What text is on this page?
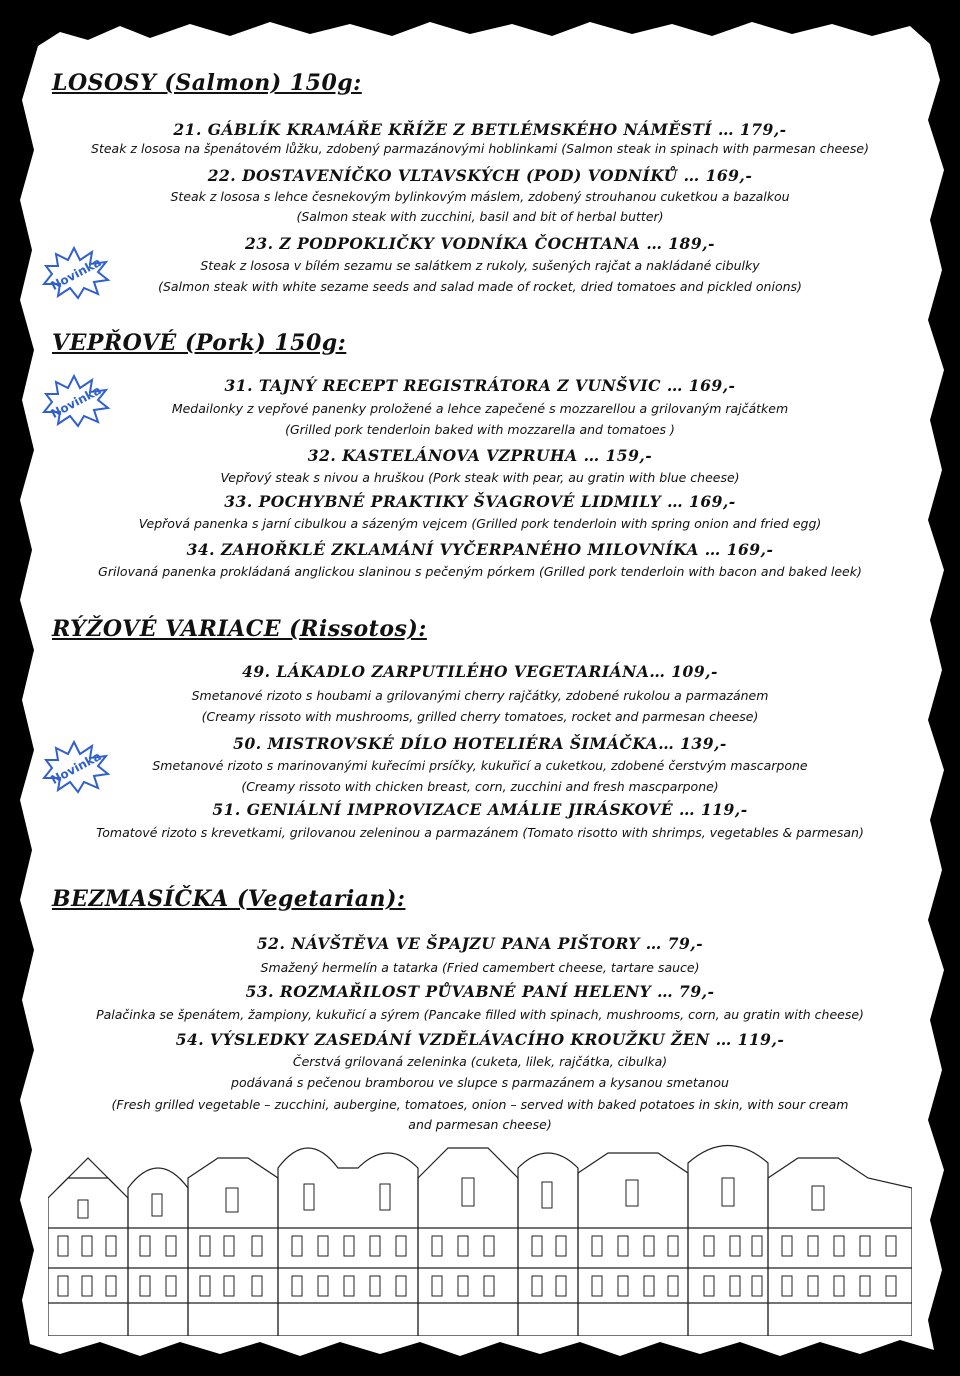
LOSOSY (Salmon) 150g:
21. GÁBLÍK KRAMÁŘE KŘÍŽE Z BETLÉMSKÉHO NÁMĚSTÍ … 179,-
Steak z lososa na špenátovém lůžku, zdobený parmazánovými hoblinkami (Salmon steak in spinach with parmesan cheese)
22. DOSTAVENÍČKO VLTAVSKÝCH (POD) VODNÍKŮ … 169,-
Steak z lososa s lehce česnekovým bylinkovým máslem, zdobený strouhanou cuketkou a bazalkou
(Salmon steak with zucchini, basil and bit of herbal butter)
23. Z PODPOKLIČKY VODNÍKA ČOCHTANA … 189,-
Steak z lososa v bílém sezamu se salátkem z rukoly, sušených rajčat a nakládané cibulky
(Salmon steak with white sezame seeds and salad made of rocket, dried tomatoes and pickled onions)
VEPŘOVÉ (Pork) 150g:
31. TAJNÝ RECEPT REGISTRÁTORA Z VUNŠVIC … 169,-
Medailonky z vepřové panenky proložené a lehce zapečené s mozzarellou a grilovaným rajčátkem
(Grilled pork tenderloin baked with mozzarella and tomatoes )
32. KASTELÁNOVA VZPRUHA … 159,-
Vepřový steak s nivou a hruškou (Pork steak with pear, au gratin with blue cheese)
33. POCHYBNÉ PRAKTIKY ŠVAGROVÉ LIDMILY … 169,-
Vepřová panenka s jarní cibulkou a sázeným vejcem (Grilled pork tenderloin with spring onion and fried egg)
34. ZAHOŘKLÉ ZKLAMÁNÍ VYČERPANÉHO MILOVNÍKA … 169,-
Grilovaná panenka prokládaná anglickou slaninou s pečeným pórkem (Grilled pork tenderloin with bacon and baked leek)
RÝŽOVÉ VARIACE (Rissotos):
49. LÁKADLO ZARPUTILÉHO VEGETARIÁNA… 109,-
Smetanové rizoto s houbami a grilovanými cherry rajčátky, zdobené rukolou a parmazánem
(Creamy rissoto with mushrooms, grilled cherry tomatoes, rocket and parmesan cheese)
50. MISTROVSKÉ DÍLO HOTELIÉRA ŠIMÁČKA… 139,-
Smetanové rizoto s marinovanými kuřecími prsíčky, kukuřicí a cuketkou, zdobené čerstvým mascarpone
(Creamy rissoto with chicken breast, corn, zucchini and fresh mascparpone)
51. GENIÁLNÍ IMPROVIZACE AMÁLIE JIRÁSKOVÉ … 119,-
Tomatové rizoto s krevetkami, grilovanou zeleninou a parmazánem (Tomato risotto with shrimps, vegetables & parmesan)
BEZMASÍČKA (Vegetarian):
52. NÁVŠTĚVA VE ŠPAJZU PANA PIŠTORY … 79,-
Smažený hermelín a tatarka (Fried camembert cheese, tartare sauce)
53. ROZMAŘILOST PŮVABNÉ PANÍ HELENY … 79,-
Palačinka se špenátem, žampiony, kukuřicí a sýrem (Pancake filled with spinach, mushrooms, corn, au gratin with cheese)
54. VÝSLEDKY ZASEDÁNÍ VZDĚLÁVACÍHO KROUŽKU ŽEN … 119,-
Čerstvá grilovaná zeleninka (cuketa, lilek, rajčátka, cibulka)
podávaná s pečenou bramborou ve slupce s parmazánem a kysanou smetanou
(Fresh grilled vegetable – zucchini, aubergine, tomatoes, onion – served with baked potatoes in skin, with sour cream
and parmesan cheese)
Novinka
Novinka
Novinka
